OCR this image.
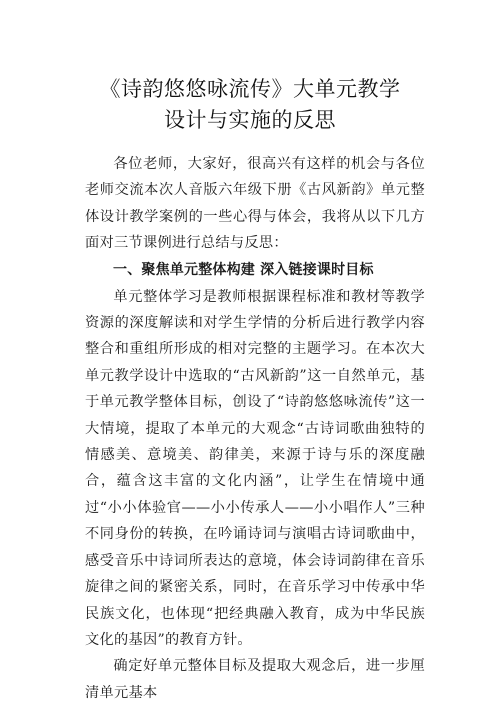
《诗韵悠悠咏流传》大单元教学
设计与实施的反思

各位老师，大家好，很高兴有这样的机会与各位老师交流本次人音版六年级下册《古风新韵》单元整体设计教学案例的一些心得与体会，我将从以下几方面对三节课例进行总结与反思：

一、聚焦单元整体构建 深入链接课时目标

单元整体学习是教师根据课程标准和教材等教学资源的深度解读和对学生学情的分析后进行教学内容整合和重组所形成的相对完整的主题学习。在本次大单元教学设计中选取的“古风新韵”这一自然单元，基于单元教学整体目标，创设了“诗韵悠悠咏流传”这一大情境，提取了本单元的大观念“古诗词歌曲独特的情感美、意境美、韵律美，来源于诗与乐的深度融合，蕴含这丰富的文化内涵”，让学生在情境中通过“小小体验官——小小传承人——小小唱作人”三种不同身份的转换，在吟诵诗词与演唱古诗词歌曲中，感受音乐中诗词所表达的意境，体会诗词韵律在音乐旋律之间的紧密关系，同时，在音乐学习中传承中华民族文化，也体现“把经典融入教育，成为中华民族文化的基因”的教育方针。

确定好单元整体目标及提取大观念后，进一步厘清单元基本
